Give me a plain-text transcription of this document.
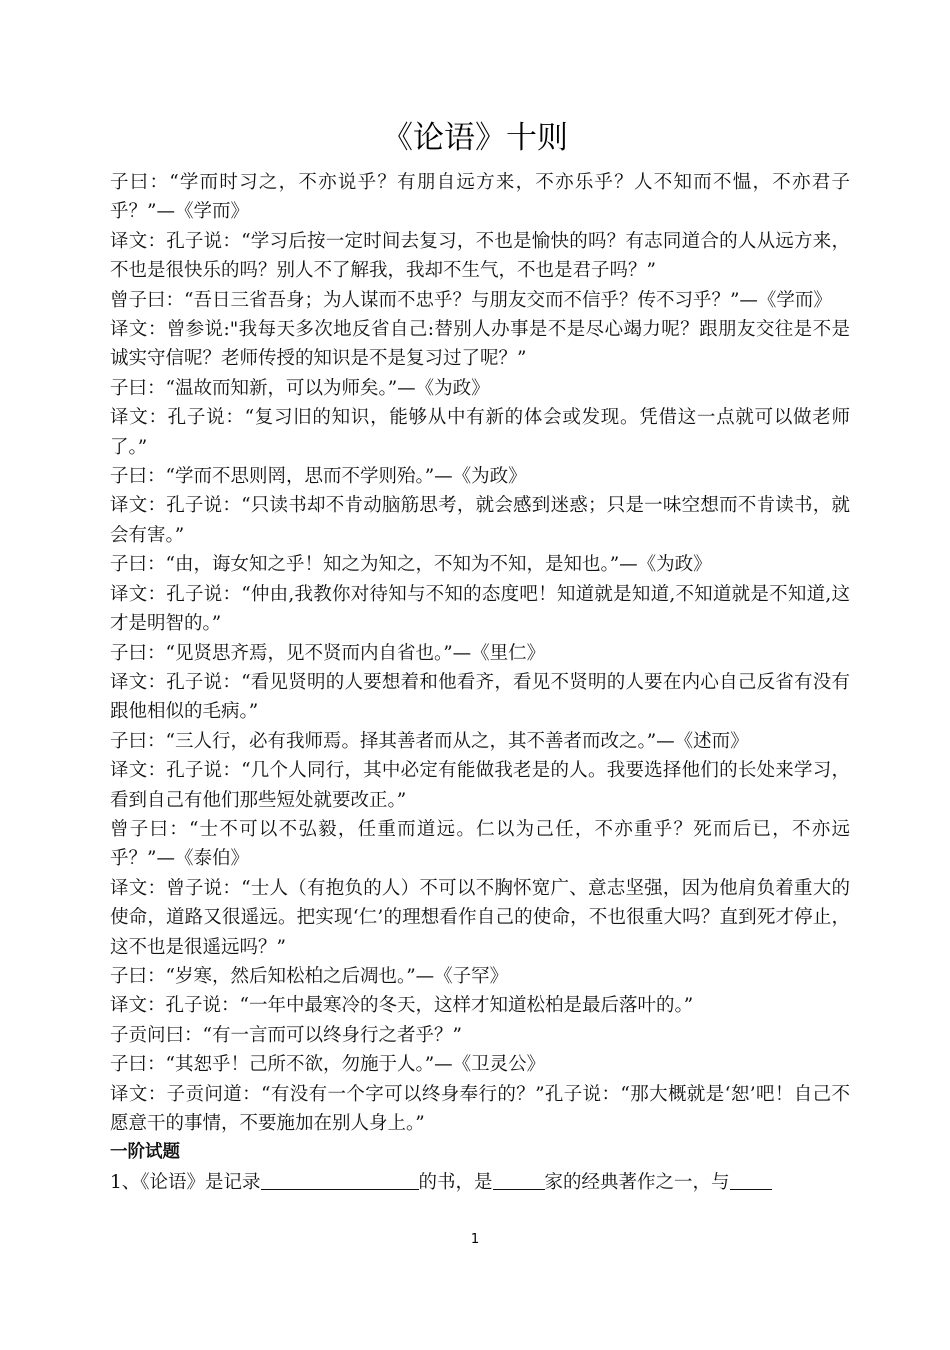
《论语》十则

子曰：“学而时习之，不亦说乎？有朋自远方来，不亦乐乎？人不知而不愠，不亦君子乎？”—《学而》

译文：孔子说：“学习后按一定时间去复习，不也是愉快的吗？有志同道合的人从远方来，不也是很快乐的吗？别人不了解我，我却不生气，不也是君子吗？”

曾子曰：“吾日三省吾身；为人谋而不忠乎？与朋友交而不信乎？传不习乎？”—《学而》

译文：曾参说:"我每天多次地反省自己:替别人办事是不是尽心竭力呢？跟朋友交往是不是诚实守信呢？老师传授的知识是不是复习过了呢？”

子曰：“温故而知新，可以为师矣。”—《为政》

译文：孔子说：“复习旧的知识，能够从中有新的体会或发现。凭借这一点就可以做老师了。”

子曰：“学而不思则罔，思而不学则殆。”—《为政》

译文：孔子说：“只读书却不肯动脑筋思考，就会感到迷惑；只是一味空想而不肯读书，就会有害。”

子曰：“由，诲女知之乎！知之为知之，不知为不知，是知也。”—《为政》

译文：孔子说：“仲由,我教你对待知与不知的态度吧！知道就是知道,不知道就是不知道,这才是明智的。”

子曰：“见贤思齐焉，见不贤而内自省也。”—《里仁》

译文：孔子说：“看见贤明的人要想着和他看齐，看见不贤明的人要在内心自己反省有没有跟他相似的毛病。”

子曰：“三人行，必有我师焉。择其善者而从之，其不善者而改之。”—《述而》

译文：孔子说：“几个人同行，其中必定有能做我老是的人。我要选择他们的长处来学习，看到自己有他们那些短处就要改正。”

曾子曰：“士不可以不弘毅，任重而道远。仁以为己任，不亦重乎？死而后已，不亦远乎？”—《泰伯》

译文：曾子说：“士人（有抱负的人）不可以不胸怀宽广、意志坚强，因为他肩负着重大的使命，道路又很遥远。把实现‘仁’的理想看作自己的使命，不也很重大吗？直到死才停止，这不也是很遥远吗？”

子曰：“岁寒，然后知松柏之后凋也。”—《子罕》

译文：孔子说：“一年中最寒冷的冬天，这样才知道松柏是最后落叶的。”

子贡问曰：“有一言而可以终身行之者乎？”

子曰：“其恕乎！己所不欲，勿施于人。”—《卫灵公》

译文：子贡问道：“有没有一个字可以终身奉行的？”孔子说：“那大概就是‘恕’吧！自己不愿意干的事情，不要施加在别人身上。”

一阶试题

1、《论语》是记录	的书，是	家的经典著作之一，与

1
